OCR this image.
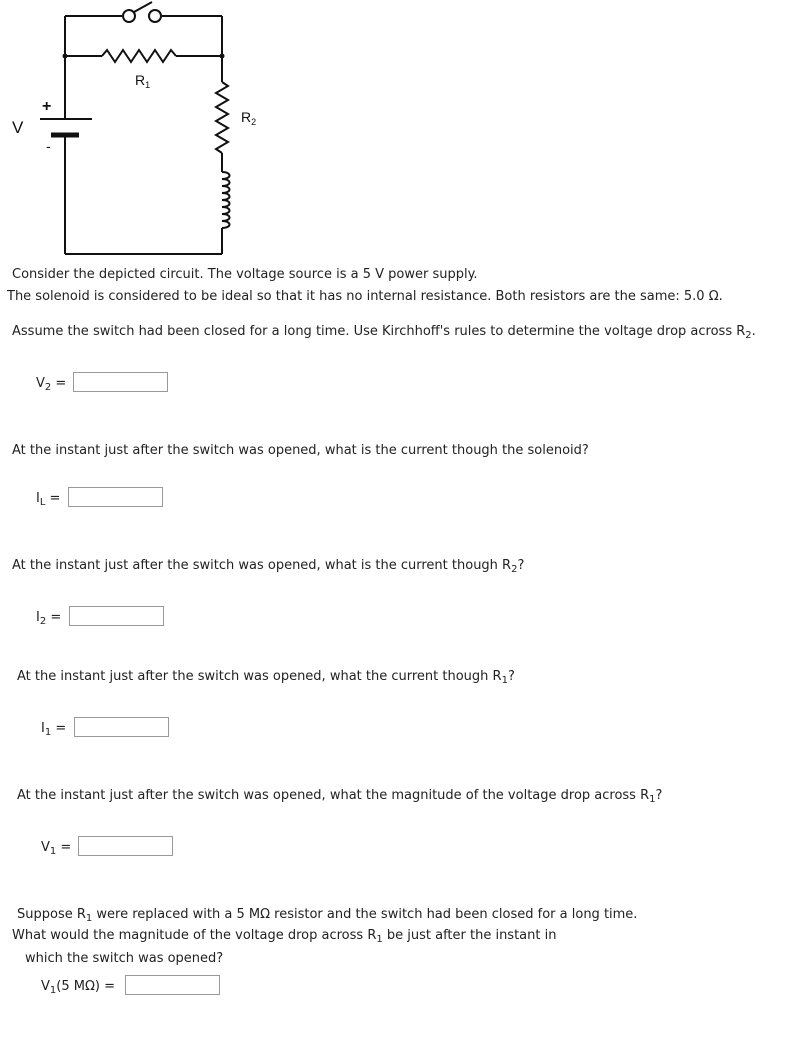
$R_1$
$R_2$
V
+
-
Consider the depicted circuit. The voltage source is a 5 V power supply.
The solenoid is considered to be ideal so that it has no internal resistance. Both resistors are the same: 5.0 Ω.
Assume the switch had been closed for a long time. Use Kirchhoff's rules to determine the voltage drop across $R_2$.
$V_2$ =
At the instant just after the switch was opened, what is the current though the solenoid?
$I_L$ =
At the instant just after the switch was opened, what is the current though $R_2$?
$I_2$ =
At the instant just after the switch was opened, what the current though $R_1$?
$I_1$ =
At the instant just after the switch was opened, what the magnitude of the voltage drop across $R_1$?
$V_1$ =
Suppose $R_1$ were replaced with a 5 MΩ resistor and the switch had been closed for a long time.
What would the magnitude of the voltage drop across $R_1$ be just after the instant in
which the switch was opened?
$V_1(5$ MΩ) =
